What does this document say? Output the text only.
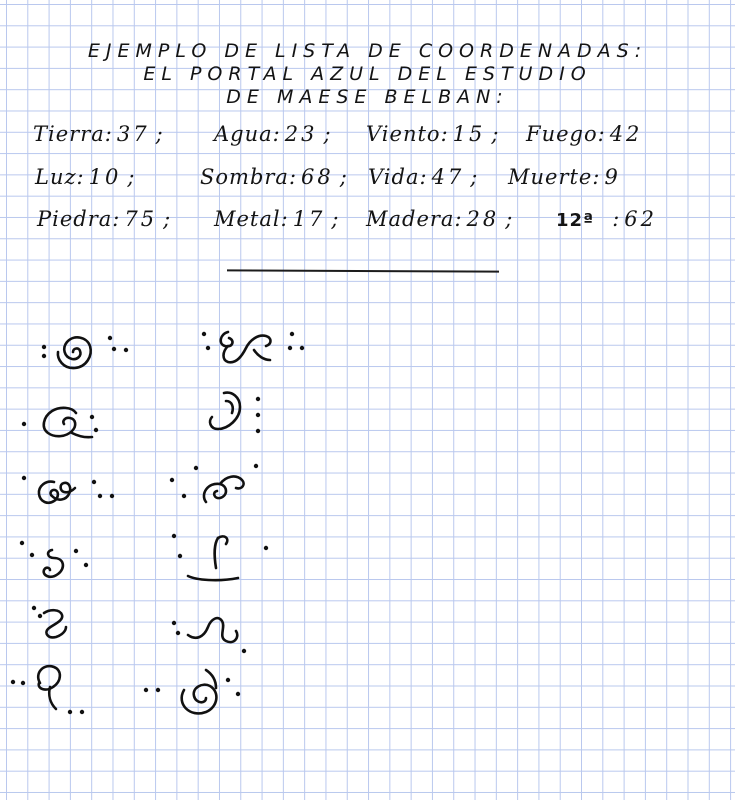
EJEMPLO DE LISTA DE COORDENADAS:
EL PORTAL AZUL DEL ESTUDIO
DE MAESE BELBAN:
Tierra: 37 ; Agua: 23 ; Viento: 15 ; Fuego: 42
Luz: 10 ;	Sombra: 68 ; Vida: 47 ; Muerte: 9
Piedra: 75 ; Metal: 17 ; Madera: 28 ; 12ª : 62
